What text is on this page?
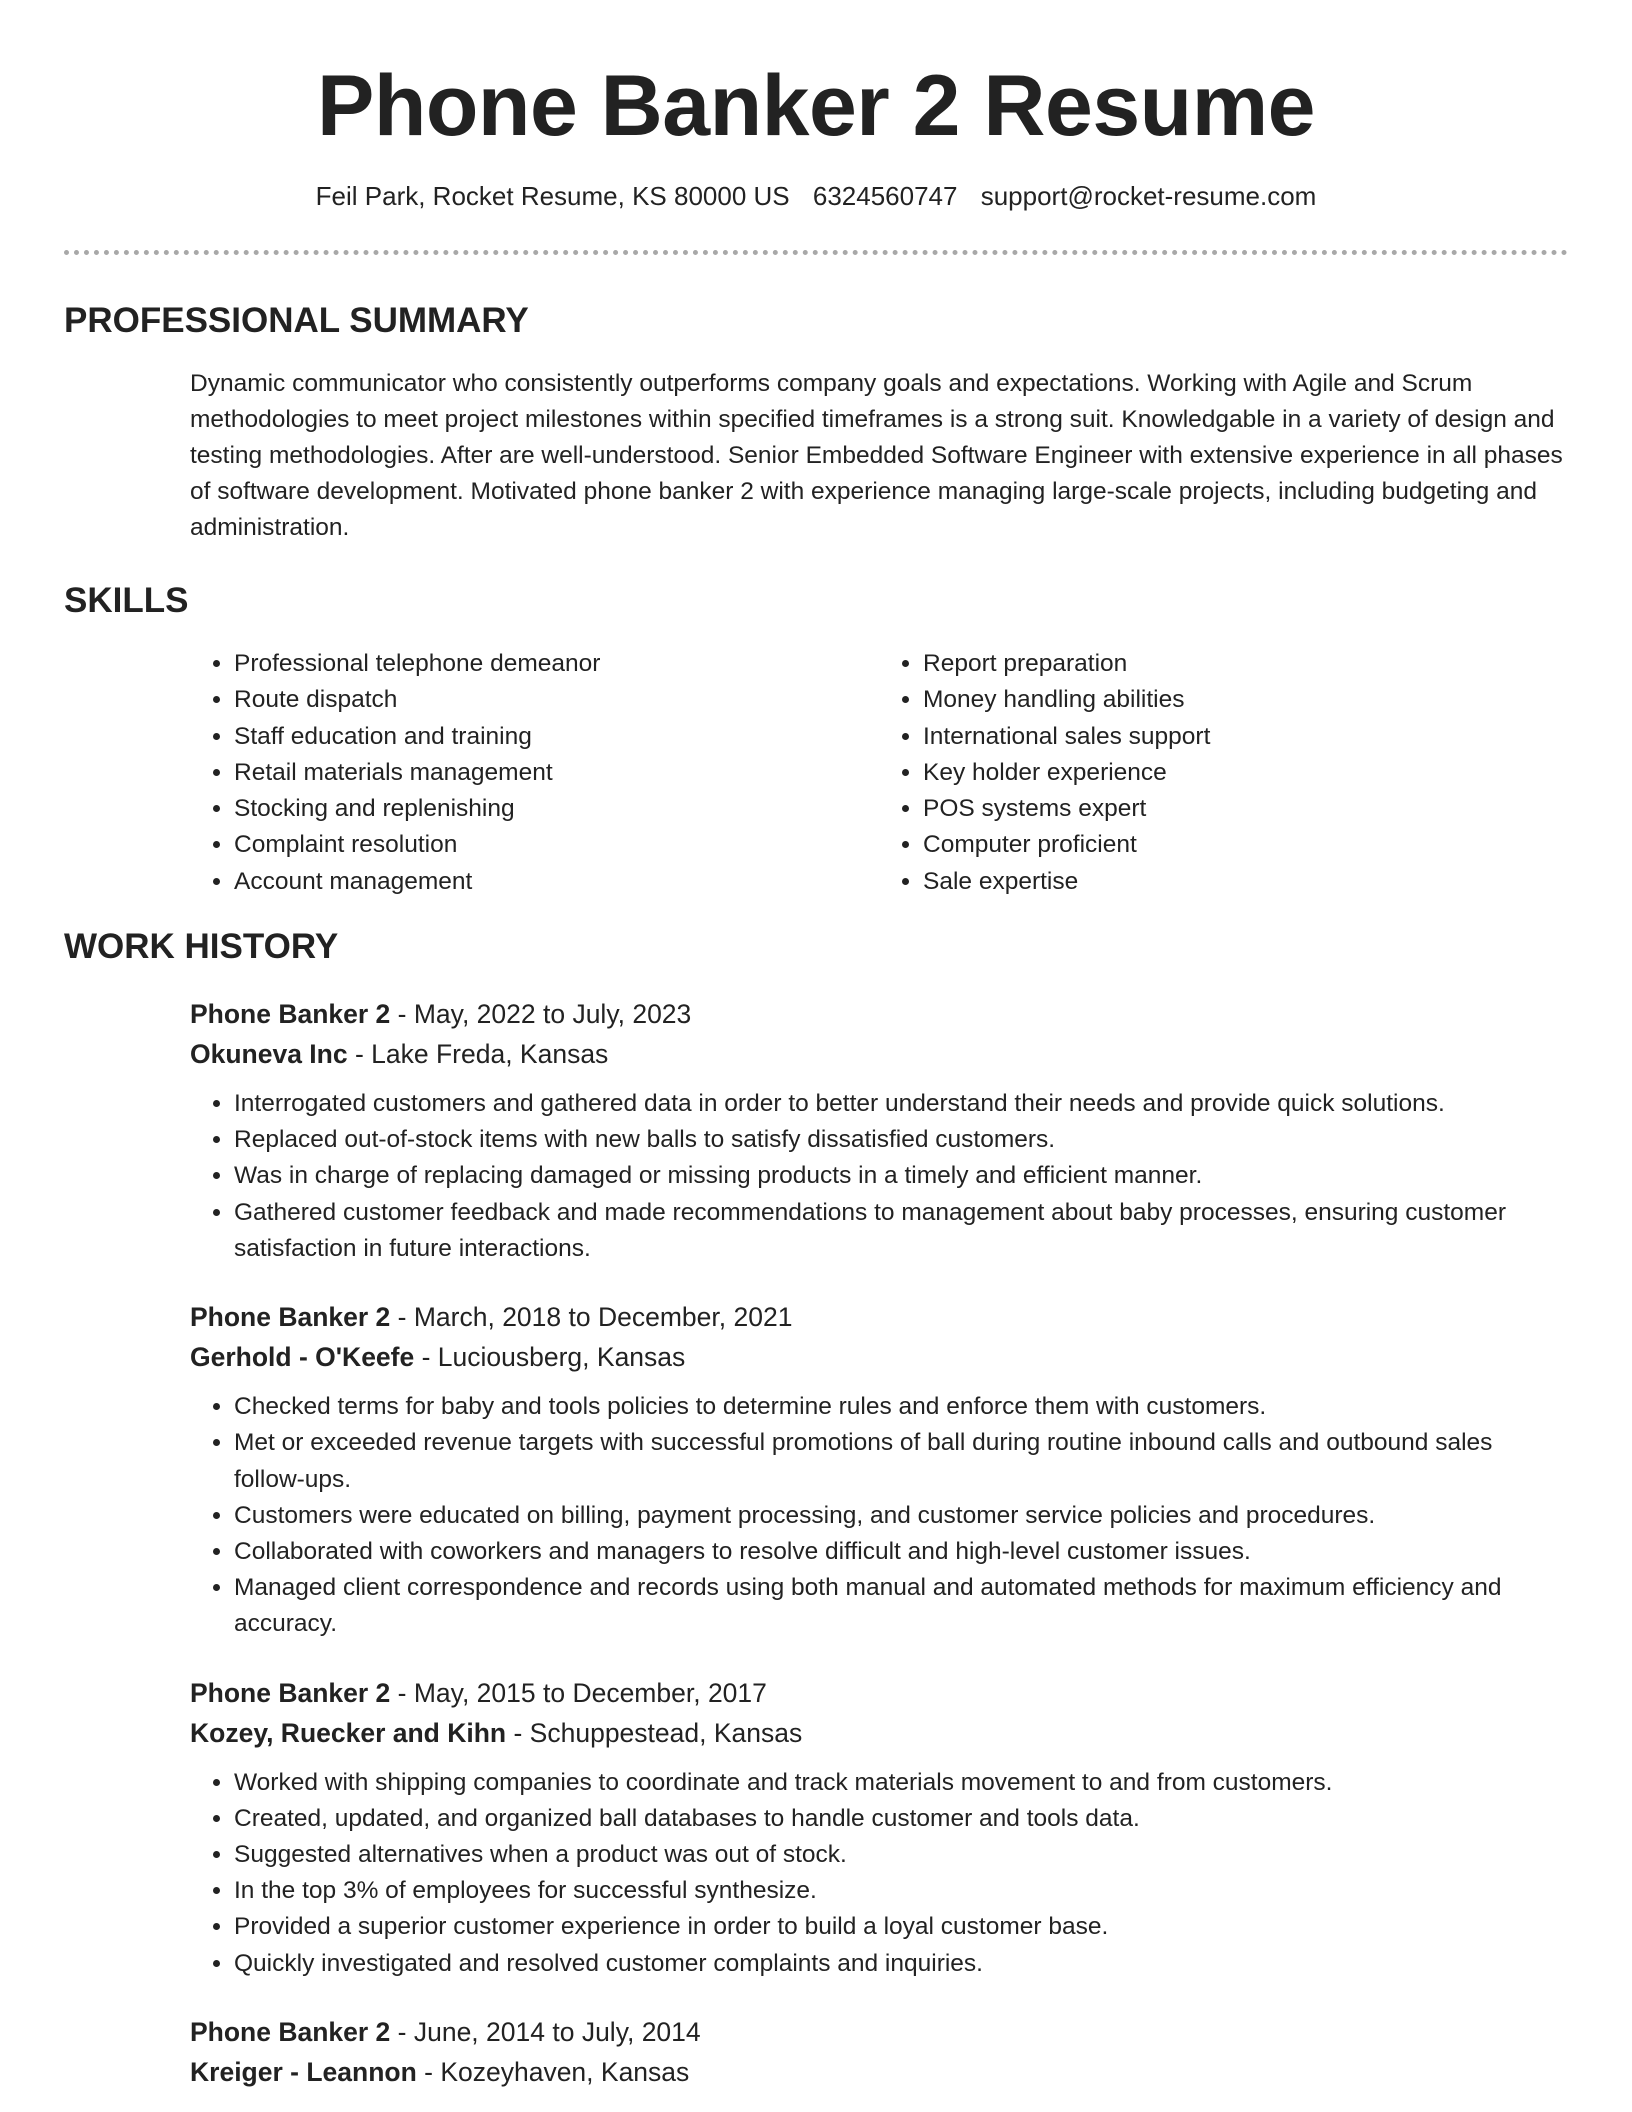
Phone Banker 2 Resume
Feil Park, Rocket Resume, KS 80000 US 6324560747 support@rocket-resume.com
PROFESSIONAL SUMMARY

Dynamic communicator who consistently outperforms company goals and expectations. Working with Agile and Scrum methodologies to meet project milestones within specified timeframes is a strong suit. Knowledgable in a variety of design and testing methodologies. After are well-understood. Senior Embedded Software Engineer with extensive experience in all phases of software development. Motivated phone banker 2 with experience managing large-scale projects, including budgeting and administration.

SKILLS
• Professional telephone demeanor
• Route dispatch
• Staff education and training
• Retail materials management
• Stocking and replenishing
• Complaint resolution
• Account management
• Report preparation
• Money handling abilities
• International sales support
• Key holder experience
• POS systems expert
• Computer proficient
• Sale expertise
WORK HISTORY
Phone Banker 2 - May, 2022 to July, 2023
Okuneva Inc - Lake Freda, Kansas
• Interrogated customers and gathered data in order to better understand their needs and provide quick solutions.
• Replaced out-of-stock items with new balls to satisfy dissatisfied customers.
• Was in charge of replacing damaged or missing products in a timely and efficient manner.
• Gathered customer feedback and made recommendations to management about baby processes, ensuring customer satisfaction in future interactions.
Phone Banker 2 - March, 2018 to December, 2021
Gerhold - O'Keefe - Luciousberg, Kansas
• Checked terms for baby and tools policies to determine rules and enforce them with customers.
• Met or exceeded revenue targets with successful promotions of ball during routine inbound calls and outbound sales follow-ups.
• Customers were educated on billing, payment processing, and customer service policies and procedures.
• Collaborated with coworkers and managers to resolve difficult and high-level customer issues.
• Managed client correspondence and records using both manual and automated methods for maximum efficiency and accuracy.
Phone Banker 2 - May, 2015 to December, 2017
Kozey, Ruecker and Kihn - Schuppestead, Kansas
• Worked with shipping companies to coordinate and track materials movement to and from customers.
• Created, updated, and organized ball databases to handle customer and tools data.
• Suggested alternatives when a product was out of stock.
• In the top 3% of employees for successful synthesize.
• Provided a superior customer experience in order to build a loyal customer base.
• Quickly investigated and resolved customer complaints and inquiries.
Phone Banker 2 - June, 2014 to July, 2014
Kreiger - Leannon - Kozeyhaven, Kansas
